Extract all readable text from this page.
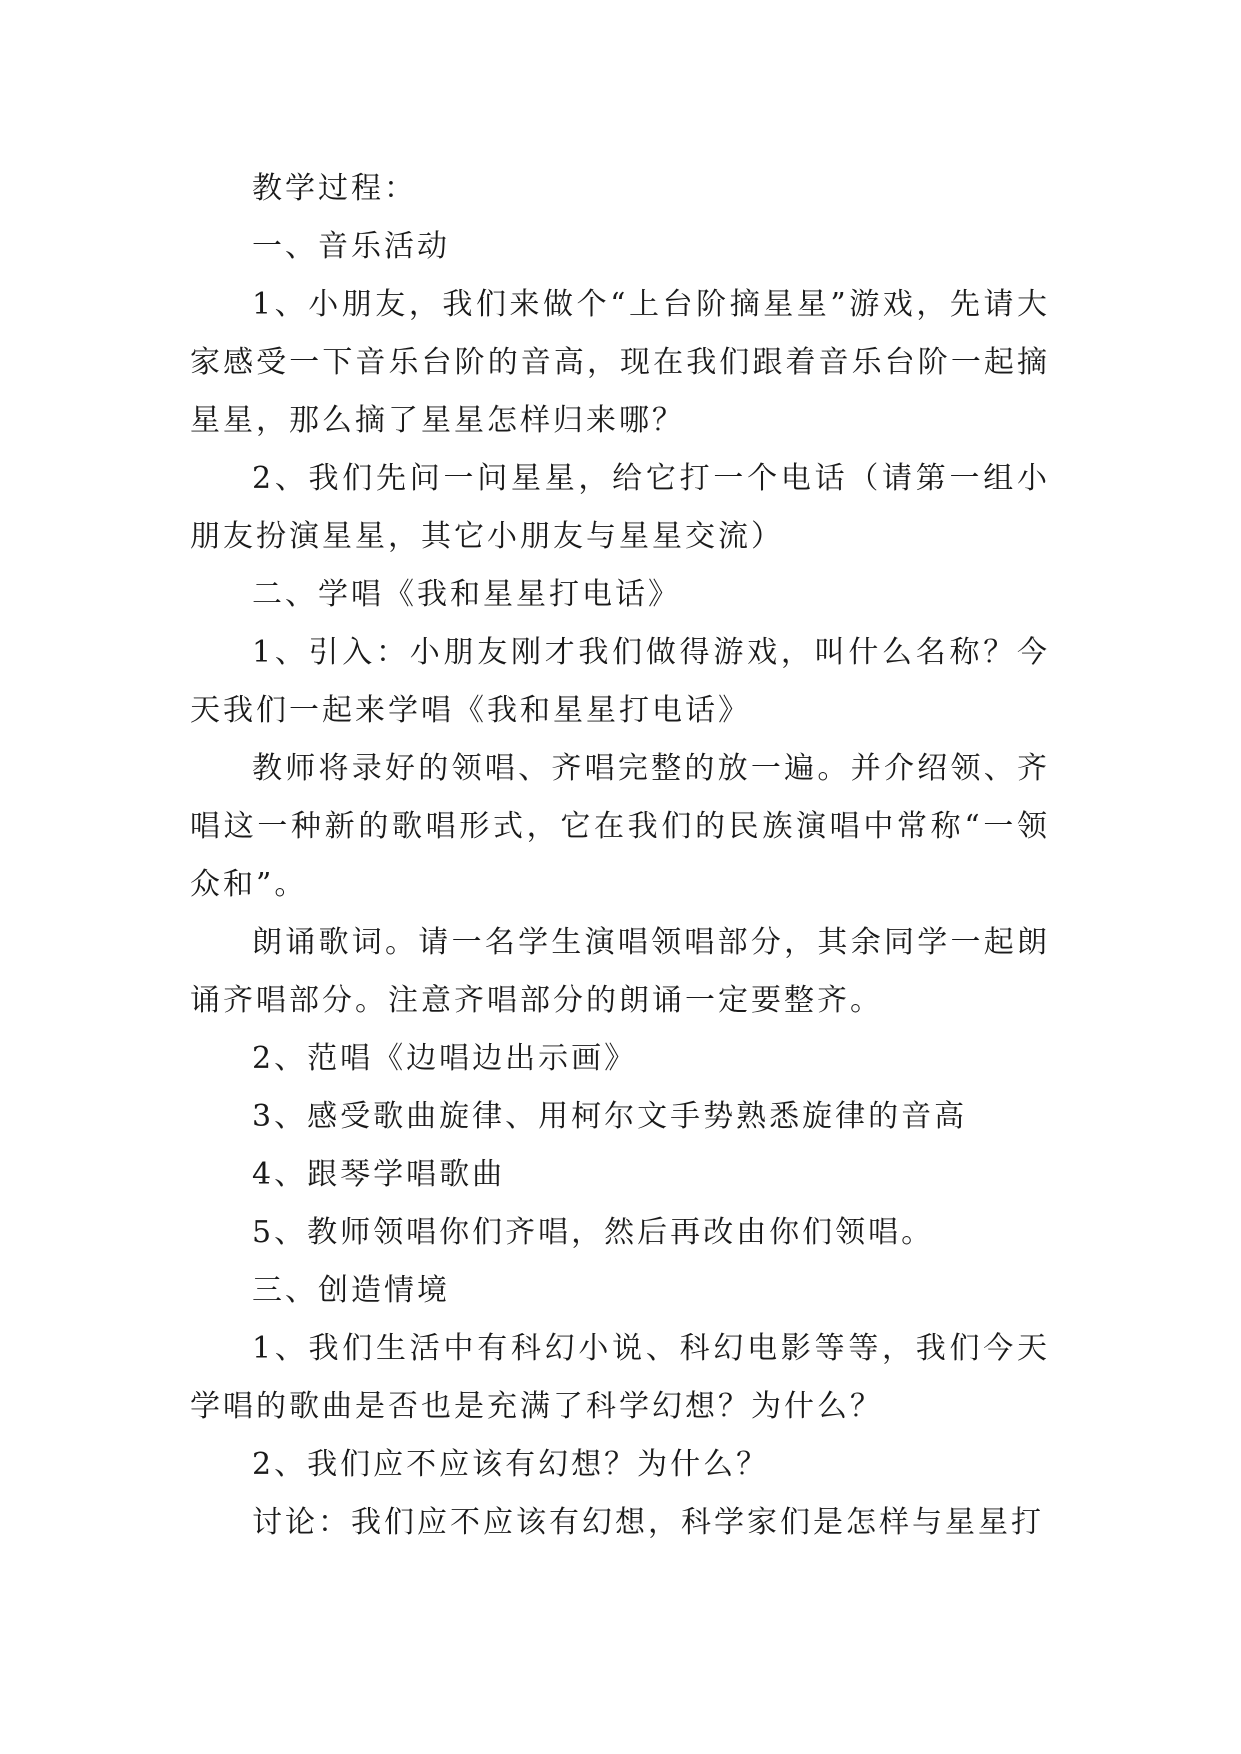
教学过程：

一、音乐活动

1、小朋友，我们来做个“上台阶摘星星”游戏，先请大家感受一下音乐台阶的音高，现在我们跟着音乐台阶一起摘星星，那么摘了星星怎样归来哪？

2、我们先问一问星星，给它打一个电话（请第一组小朋友扮演星星，其它小朋友与星星交流）

二、学唱《我和星星打电话》

1、引入：小朋友刚才我们做得游戏，叫什么名称？今天我们一起来学唱《我和星星打电话》

教师将录好的领唱、齐唱完整的放一遍。并介绍领、齐唱这一种新的歌唱形式，它在我们的民族演唱中常称“一领众和”。

朗诵歌词。请一名学生演唱领唱部分，其余同学一起朗诵齐唱部分。注意齐唱部分的朗诵一定要整齐。

2、范唱《边唱边出示画》

3、感受歌曲旋律、用柯尔文手势熟悉旋律的音高

4、跟琴学唱歌曲

5、教师领唱你们齐唱，然后再改由你们领唱。

三、创造情境

1、我们生活中有科幻小说、科幻电影等等，我们今天学唱的歌曲是否也是充满了科学幻想？为什么？

2、我们应不应该有幻想？为什么？

讨论：我们应不应该有幻想，科学家们是怎样与星星打
